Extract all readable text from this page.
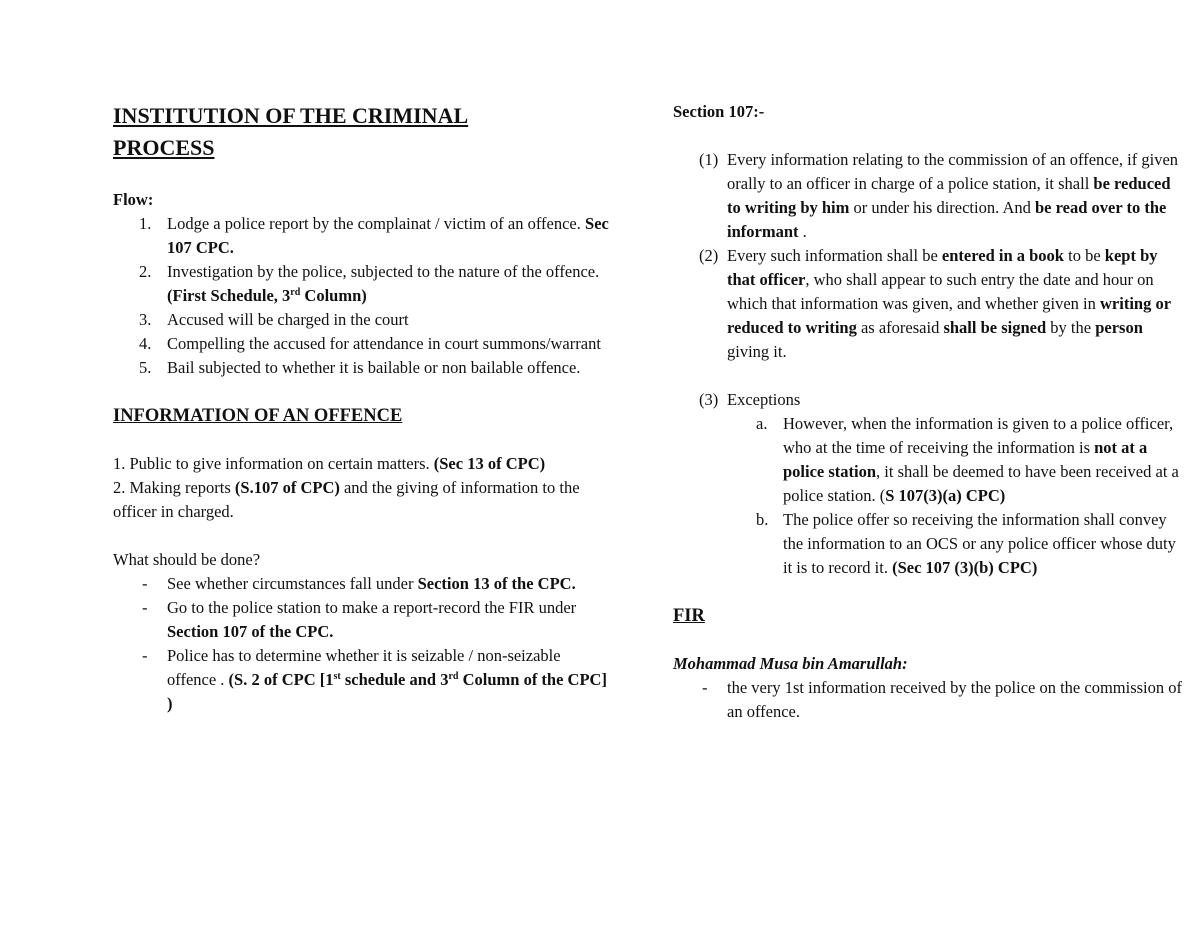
INSTITUTION OF THE CRIMINAL PROCESS
Flow:
1. Lodge a police report by the complainat / victim of an offence. Sec 107 CPC.
2. Investigation by the police, subjected to the nature of the offence. (First Schedule, 3rd Column)
3. Accused will be charged in the court
4. Compelling the accused for attendance in court summons/warrant
5. Bail subjected to whether it is bailable or non bailable offence.
INFORMATION OF AN OFFENCE
1. Public to give information on certain matters. (Sec 13 of CPC)
2. Making reports (S.107 of CPC) and the giving of information to the officer in charged.
What should be done?
- See whether circumstances fall under Section 13 of the CPC.
- Go to the police station to make a report-record the FIR under Section 107 of the CPC.
- Police has to determine whether it is seizable / non-seizable offence . (S. 2 of CPC [1st schedule and 3rd Column of the CPC] )
Section 107:-
(1) Every information relating to the commission of an offence, if given orally to an officer in charge of a police station, it shall be reduced to writing by him or under his direction. And be read over to the informant .
(2) Every such information shall be entered in a book to be kept by that officer, who shall appear to such entry the date and hour on which that information was given, and whether given in writing or reduced to writing as aforesaid shall be signed by the person giving it.
(3) Exceptions
a. However, when the information is given to a police officer, who at the time of receiving the information is not at a police station, it shall be deemed to have been received at a police station. (S 107(3)(a) CPC)
b. The police offer so receiving the information shall convey the information to an OCS or any police officer whose duty it is to record it. (Sec 107 (3)(b) CPC)
FIR
Mohammad Musa bin Amarullah:
- the very 1st information received by the police on the commission of an offence.
